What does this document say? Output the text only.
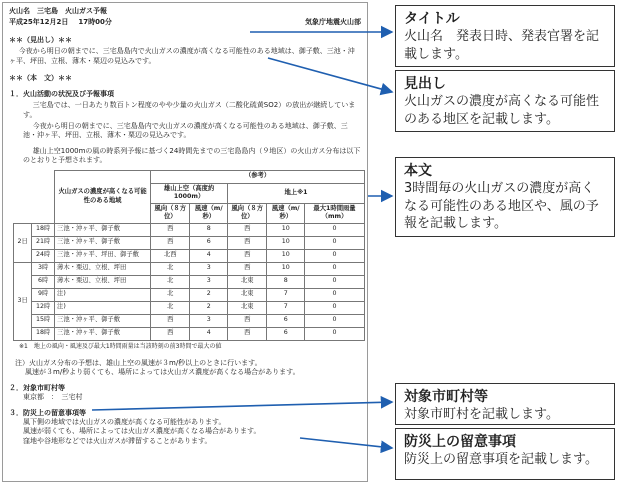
火山名　三宅島　火山ガス予報
平成25年12月2日 17時00分	気象庁地震火山部
＊＊（見出し）＊＊
今夜から明日の朝までに、三宅島島内で火山ガスの濃度が高くなる可能性のある地域は、御子敷、三池・沖ヶ平、坪田、立根、薄木・栗辺の見込みです。
＊＊（本　文）＊＊
１．火山活動の状況及び予報事項
三宅島では、一日あたり数百トン程度のやや少量の火山ガス（二酸化硫黄SO2）の放出が継続しています。
今夜から明日の朝までに、三宅島島内で火山ガスの濃度が高くなる可能性のある地域は、御子敷、三池・沖ヶ平、坪田、立根、薄木・栗辺の見込みです。
雄山上空1000mの風の時系列予報に基づく24時間先までの三宅島島内（９地区）の火山ガス分布は以下のとおりと予想されます。
		火山ガスの濃度が高くなる可能性のある地域	（参考）				
			雄山上空（高度約1000m）		地上※1		
			風向（８方位）	風速（m/秒）	風向（８方位）	風速（m/秒）	最大1時間雨量（mm）
2日	18時	三池・沖ヶ平、御子敷	西	8	西	10	0
	21時	三池・沖ヶ平、御子敷	西	6	西	10	0
	24時	三池・沖ヶ平、坪田、御子敷	北西	4	西	10	0
3日	3時	薄木・栗辺、立根、坪田	北	3	西	10	0
	6時	薄木・栗辺、立根、坪田	北	3	北東	8	0
	9時	注)	北	2	北東	7	0
	12時	注)	北	2	北東	7	0
	15時	三池・沖ヶ平、御子敷	西	3	西	6	0
	18時	三池・沖ヶ平、御子敷	西	4	西	6	0
※1　地上の風向・風速及び最大1時間雨量は当該時刻の前3時間で最大の値
注）火山ガス分布の予想は、雄山上空の風速が３m/秒以上のときに行います。
風速が３m/秒より弱くても、場所によっては火山ガス濃度が高くなる場合があります。
２．対象市町村等
東京都　：　三宅村
３．防災上の留意事項等
風下側の地域では火山ガスの濃度が高くなる可能性があります。
風速が弱くても、場所によっては火山ガス濃度が高くなる場合があります。
窪地や谷地形などでは火山ガスが滞留することがあります。
タイトル
火山名　発表日時、発表官署を記載します。
見出し
火山ガスの濃度が高くなる可能性のある地区を記載します。
本文
3時間毎の火山ガスの濃度が高くなる可能性のある地区や、風の予報を記載します。
対象市町村等
対象市町村を記載します。
防災上の留意事項
防災上の留意事項を記載します。
